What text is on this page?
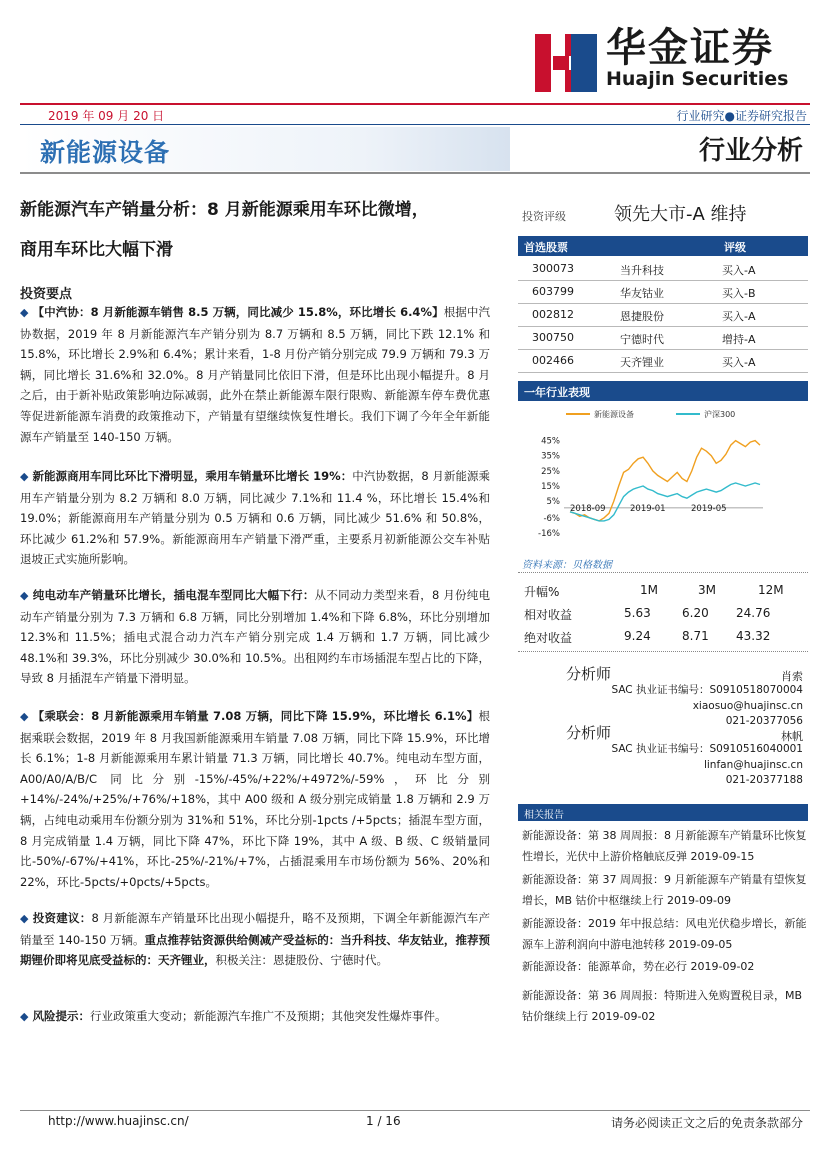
华金证券
Huajin Securities
2019 年 09 月 20 日	行业研究●证券研究报告
新能源设备	行业分析
新能源汽车产销量分析：8 月新能源乘用车环比微增，
商用车环比大幅下滑
投资要点
◆ 【中汽协：8 月新能源车销售 8.5 万辆，同比减少 15.8%，环比增长 6.4%】根据中汽协数据，2019 年 8 月新能源汽车产销分别为 8.7 万辆和 8.5 万辆，同比下跌 12.1% 和 15.8%，环比增长 2.9%和 6.4%；累计来看，1-8 月份产销分别完成 79.9 万辆和 79.3 万辆，同比增长 31.6%和 32.0%。8 月产销量同比依旧下滑，但是环比出现小幅提升。8 月之后，由于新补贴政策影响边际减弱，此外在禁止新能源车限行限购、新能源车停车费优惠等促进新能源车消费的政策推动下，产销量有望继续恢复性增长。我们下调了今年全年新能源车产销量至 140-150 万辆。
◆ 新能源商用车同比环比下滑明显，乘用车销量环比增长 19%：中汽协数据，8 月新能源乘用车产销量分别为 8.2 万辆和 8.0 万辆，同比减少 7.1%和 11.4 %，环比增长 15.4%和 19.0%；新能源商用车产销量分别为 0.5 万辆和 0.6 万辆，同比减少 51.6% 和 50.8%，环比减少 61.2%和 57.9%。新能源商用车产销量下滑严重，主要系月初新能源公交车补贴退坡正式实施所影响。
◆ 纯电动车产销量环比增长，插电混车型同比大幅下行：从不同动力类型来看，8 月份纯电动车产销量分别为 7.3 万辆和 6.8 万辆，同比分别增加 1.4%和下降 6.8%，环比分别增加 12.3%和 11.5%；插电式混合动力汽车产销分别完成 1.4 万辆和 1.7 万辆，同比减少 48.1%和 39.3%，环比分别减少 30.0%和 10.5%。出租网约车市场插混车型占比的下降，导致 8 月插混车产销量下滑明显。
◆ 【乘联会：8 月新能源乘用车销量 7.08 万辆，同比下降 15.9%，环比增长 6.1%】根据乘联会数据，2019 年 8 月我国新能源乘用车销量 7.08 万辆，同比下降 15.9%，环比增长 6.1%；1-8 月新能源乘用车累计销量 71.3 万辆，同比增长 40.7%。纯电动车型方面，A00/A0/A/B/C 同比分别-15%/-45%/+22%/+4972%/-59%，环比分别+14%/-24%/+25%/+76%/+18%，其中 A00 级和 A 级分别完成销量 1.8 万辆和 2.9 万辆，占纯电动乘用车份额分别为 31%和 51%，环比分别-1pcts /+5pcts；插混车型方面，8 月完成销量 1.4 万辆，同比下降 47%，环比下降 19%，其中 A 级、B 级、C 级销量同比-50%/-67%/+41%，环比-25%/-21%/+7%，占插混乘用车市场份额为 56%、20%和 22%，环比-5pcts/+0pcts/+5pcts。
◆ 投资建议：8 月新能源车产销量环比出现小幅提升，略不及预期，下调全年新能源汽车产销量至 140-150 万辆。重点推荐钴资源供给侧减产受益标的：当升科技、华友钴业，推荐预期锂价即将见底受益标的：天齐锂业，积极关注：恩捷股份、宁德时代。
◆ 风险提示：行业政策重大变动；新能源汽车推广不及预期；其他突发性爆炸事件。
投资评级	领先大市-A 维持
首选股票	评级
300073	当升科技	买入-A
603799	华友钴业	买入-B
002812	恩捷股份	买入-A
300750	宁德时代	增持-A
002466	天齐锂业	买入-A
一年行业表现
新能源设备	沪深300
45%
35%
25%
15%
5%
-6%
-16%
2018-09	2019-01	2019-05
资料来源：贝格数据
升幅%	1M	3M	12M
相对收益	5.63	6.20 24.76
绝对收益	9.24	8.71 43.32
分析师	肖索
SAC 执业证书编号：S0910518070004
xiaosuo@huajinsc.cn
021-20377056
分析师	林帆
SAC 执业证书编号：S0910516040001
linfan@huajinsc.cn
021-20377188
相关报告
新能源设备：第 38 周周报：8 月新能源车产销量环比恢复性增长，光伏中上游价格触底反弹 2019-09-15
新能源设备：第 37 周周报：9 月新能源车产销量有望恢复增长，MB 钴价中枢继续上行 2019-09-09
新能源设备：2019 年中报总结：风电光伏稳步增长，新能源车上游利润向中游电池转移 2019-09-05
新能源设备：能源革命，势在必行 2019-09-02
新能源设备：第 36 周周报：特斯进入免购置税目录，MB 钴价继续上行 2019-09-02
http://www.huajinsc.cn/	1 / 16	请务必阅读正文之后的免责条款部分
